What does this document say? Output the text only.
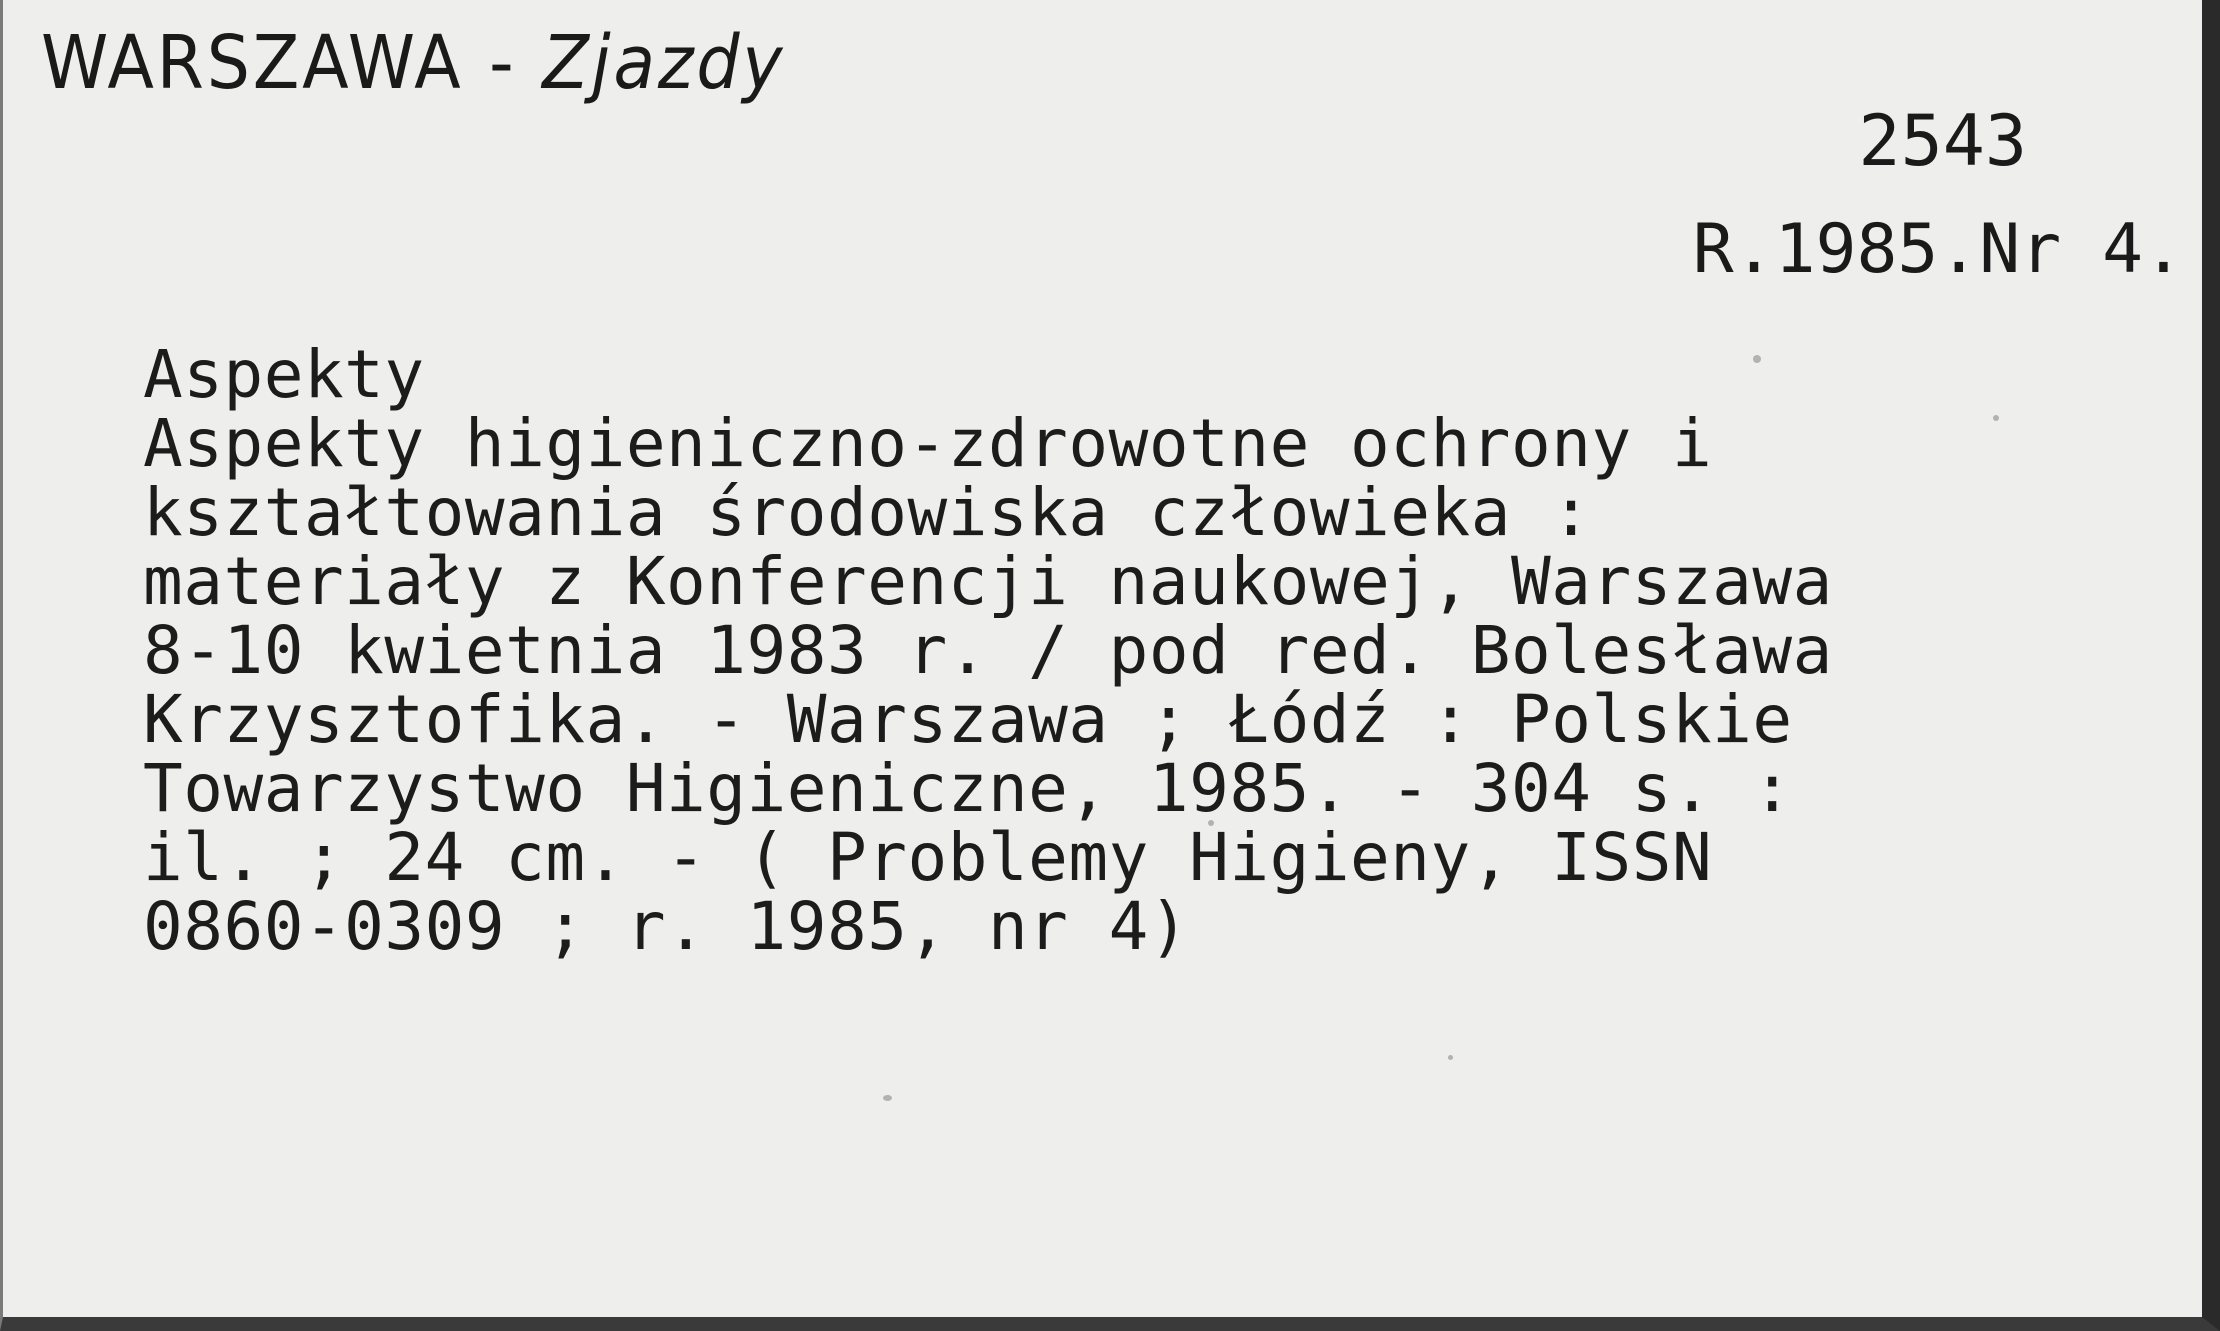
WARSZAWA - Zjazdy
2543
R.1985.Nr 4.
Aspekty
Aspekty higieniczno-zdrowotne ochrony i
kształtowania środowiska człowieka :
materiały z Konferencji naukowej, Warszawa
8-10 kwietnia 1983 r. / pod red. Bolesława
Krzysztofika. - Warszawa ; Łódź : Polskie
Towarzystwo Higieniczne, 1985. - 304 s. :
il. ; 24 cm. - ( Problemy Higieny, ISSN
0860-0309 ; r. 1985, nr 4)
